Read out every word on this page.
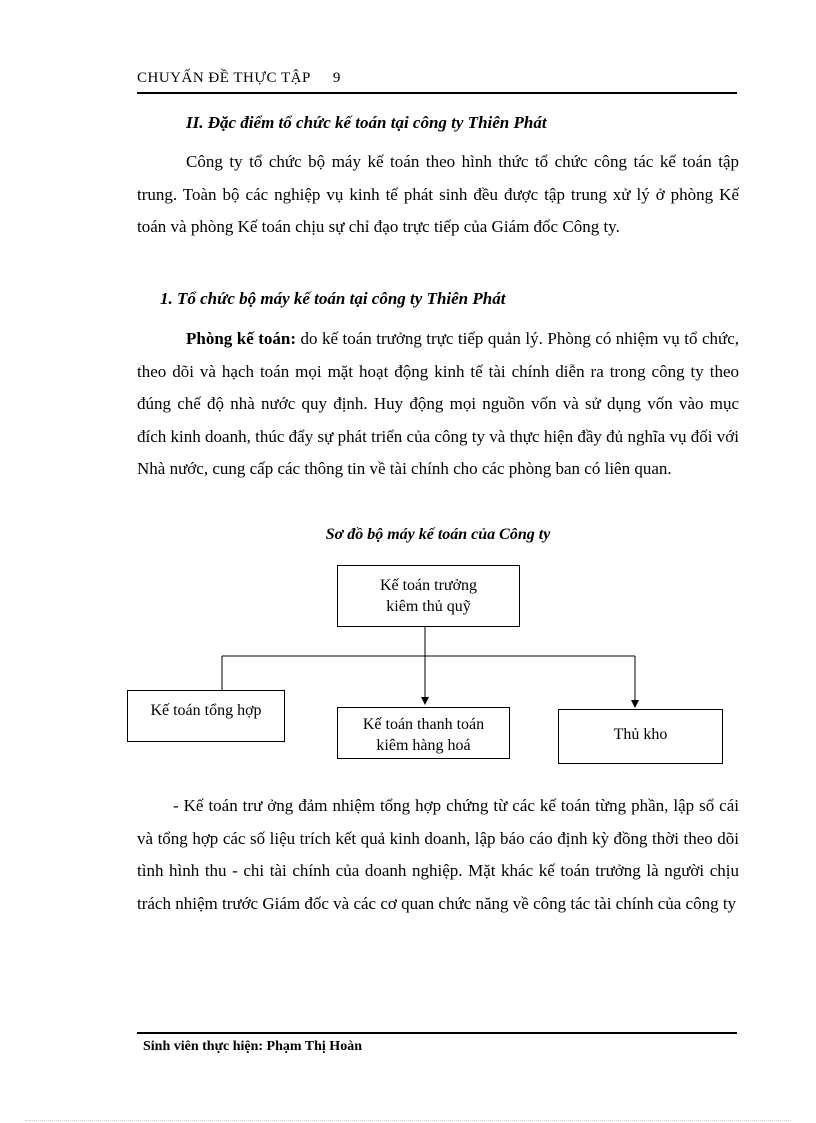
CHUYẤN ĐỀ THỰC TẬP 9
II. Đặc điểm tổ chức kế toán tại công ty Thiên Phát

Công ty tổ chức bộ máy kế toán theo hình thức tổ chức công tác kế toán tập trung. Toàn bộ các nghiệp vụ kinh tế phát sinh đều được tập trung xử lý ở phòng Kế toán và phòng Kế toán chịu sự chỉ đạo trực tiếp của Giám đốc Công ty.

1. Tổ chức bộ máy kế toán tại công ty Thiên Phát

Phòng kế toán: do kế toán trưởng trực tiếp quản lý. Phòng có nhiệm vụ tổ chức, theo dõi và hạch toán mọi mặt hoạt động kinh tế tài chính diễn ra trong công ty theo đúng chế độ nhà nước quy định. Huy động mọi nguồn vốn và sử dụng vốn vào mục đích kinh doanh, thúc đẩy sự phát triển của công ty và thực hiện đầy đủ nghĩa vụ đối với Nhà nước, cung cấp các thông tin về tài chính cho các phòng ban có liên quan.

Sơ đồ bộ máy kế toán của Công ty
Kế toán trưởng
kiêm thủ quỹ
Kế toán tổng hợp
Kế toán thanh toán
kiêm hàng hoá
Thủ kho

- Kế toán trư ởng đảm nhiệm tổng hợp chứng từ các kế toán từng phần, lập sổ cái và tổng hợp các số liệu trích kết quả kinh doanh, lập báo cáo định kỳ đồng thời theo dõi tình hình thu - chi tài chính của doanh nghiệp. Mặt khác kế toán trưởng là người chịu trách nhiệm trước Giám đốc và các cơ quan chức năng về công tác tài chính của công ty

Sinh viên thực hiện: Phạm Thị Hoàn
